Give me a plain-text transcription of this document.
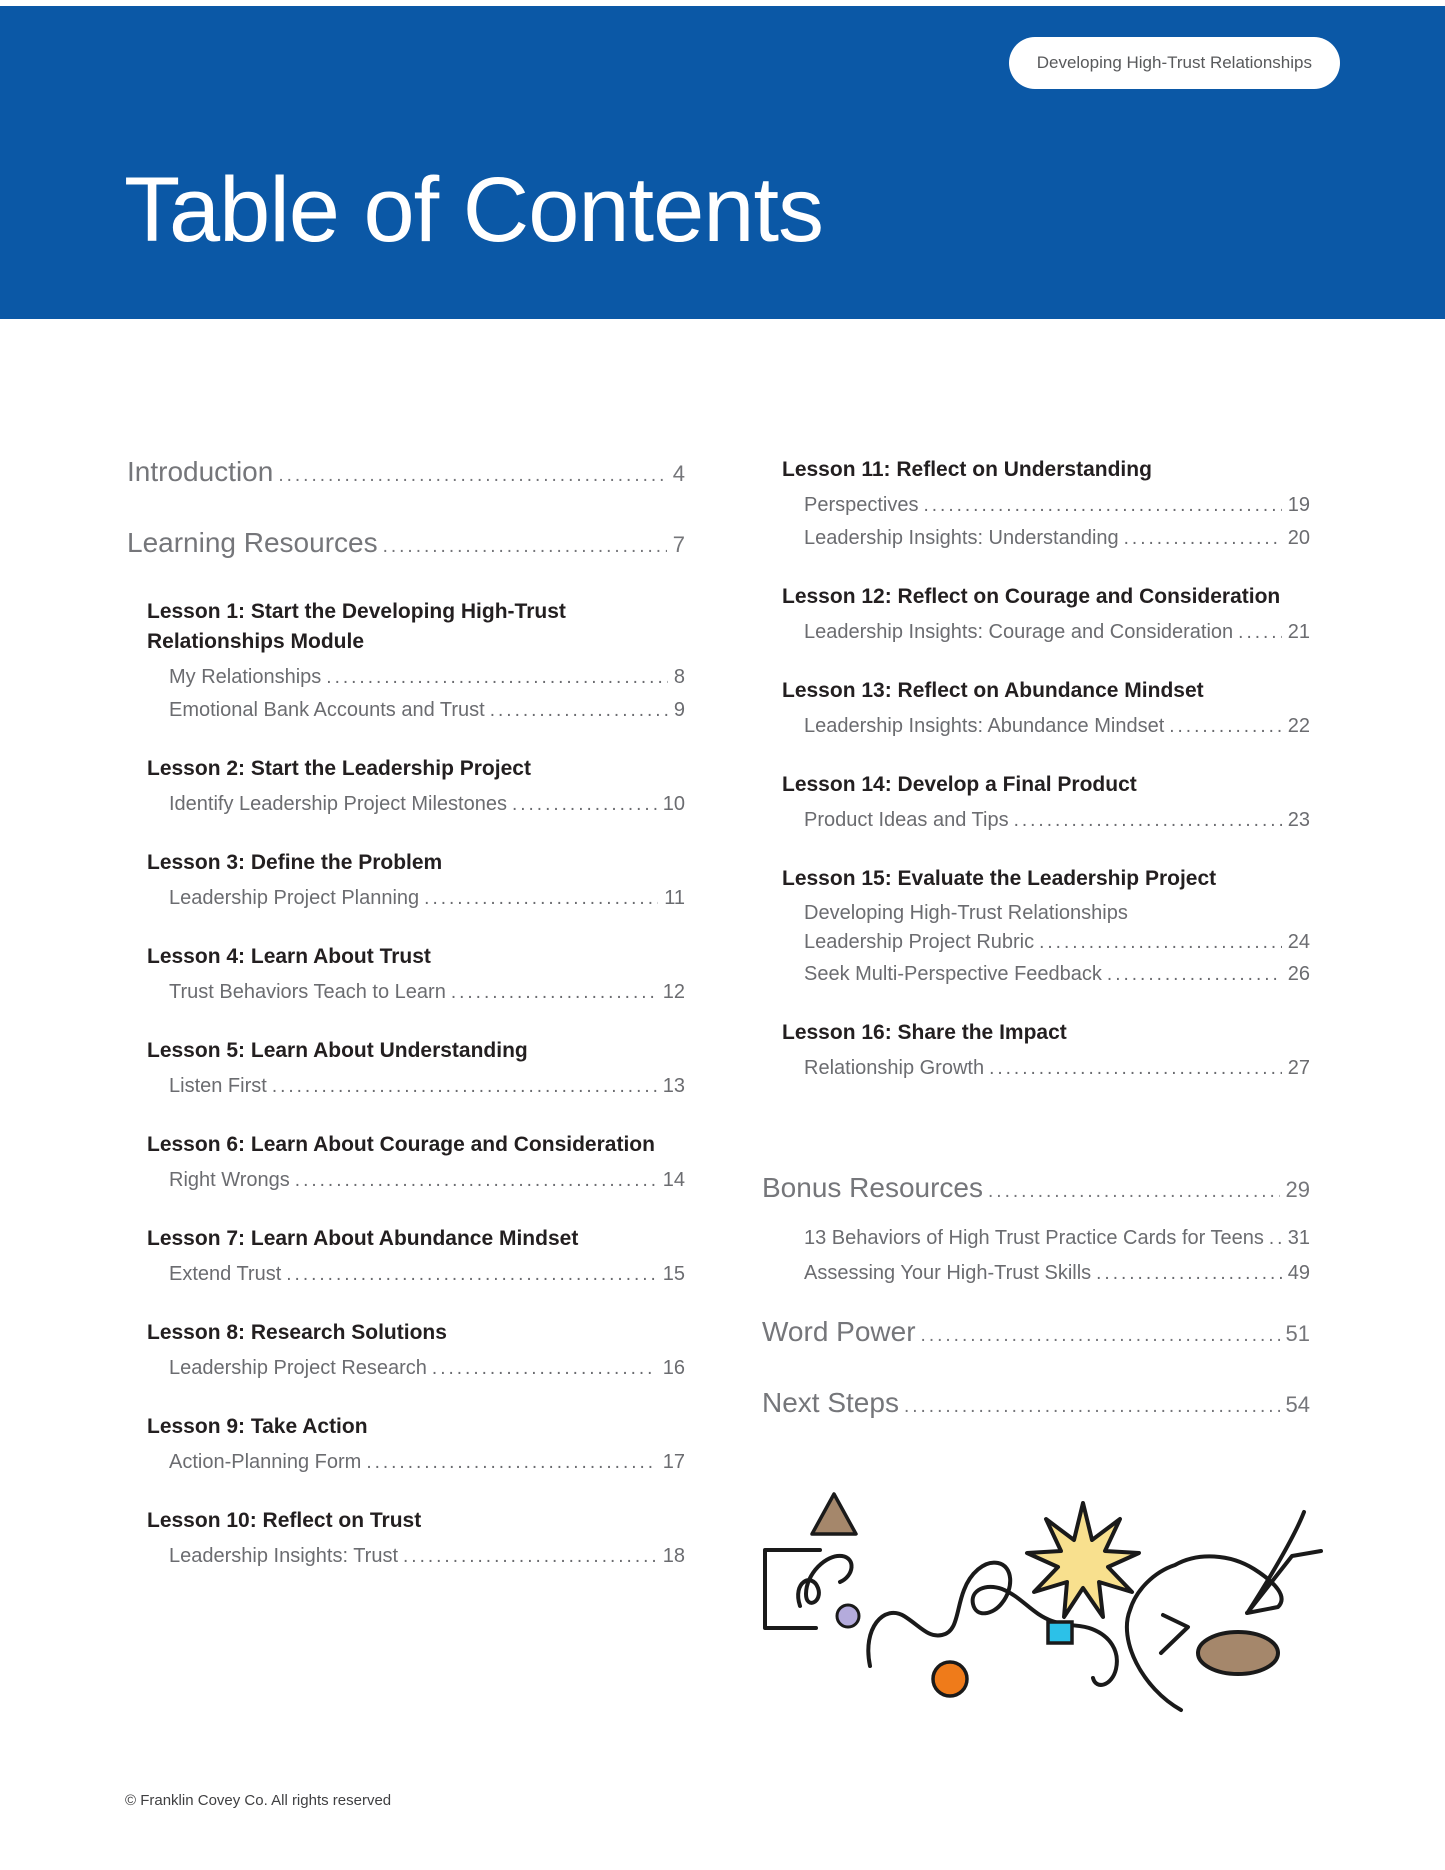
Developing High-Trust Relationships
Table of Contents
Introduction .....	4
Learning Resources .....	7
Lesson 1: Start the Developing High-Trust Relationships Module
My Relationships .....	8
Emotional Bank Accounts and Trust .....	9
Lesson 2: Start the Leadership Project
Identify Leadership Project Milestones .....	10
Lesson 3: Define the Problem
Leadership Project Planning .....	11
Lesson 4: Learn About Trust
Trust Behaviors Teach to Learn .....	12
Lesson 5: Learn About Understanding
Listen First .....	13
Lesson 6: Learn About Courage and Consideration
Right Wrongs .....	14
Lesson 7: Learn About Abundance Mindset
Extend Trust .....	15
Lesson 8: Research Solutions
Leadership Project Research .....	16
Lesson 9: Take Action
Action-Planning Form .....	17
Lesson 10: Reflect on Trust
Leadership Insights: Trust .....	18
Lesson 11: Reflect on Understanding
Perspectives .....	19
Leadership Insights: Understanding .....	20
Lesson 12: Reflect on Courage and Consideration
Leadership Insights: Courage and Consideration .....	21
Lesson 13: Reflect on Abundance Mindset
Leadership Insights: Abundance Mindset .....	22
Lesson 14: Develop a Final Product
Product Ideas and Tips .....	23
Lesson 15: Evaluate the Leadership Project
Developing High-Trust Relationships
Leadership Project Rubric .....	24
Seek Multi-Perspective Feedback .....	26
Lesson 16: Share the Impact
Relationship Growth .....	27
Bonus Resources .....	29
13 Behaviors of High Trust Practice Cards for Teens ..... 31
Assessing Your High-Trust Skills .....	49
Word Power .....	51
Next Steps .....	54
© Franklin Covey Co. All rights reserved
